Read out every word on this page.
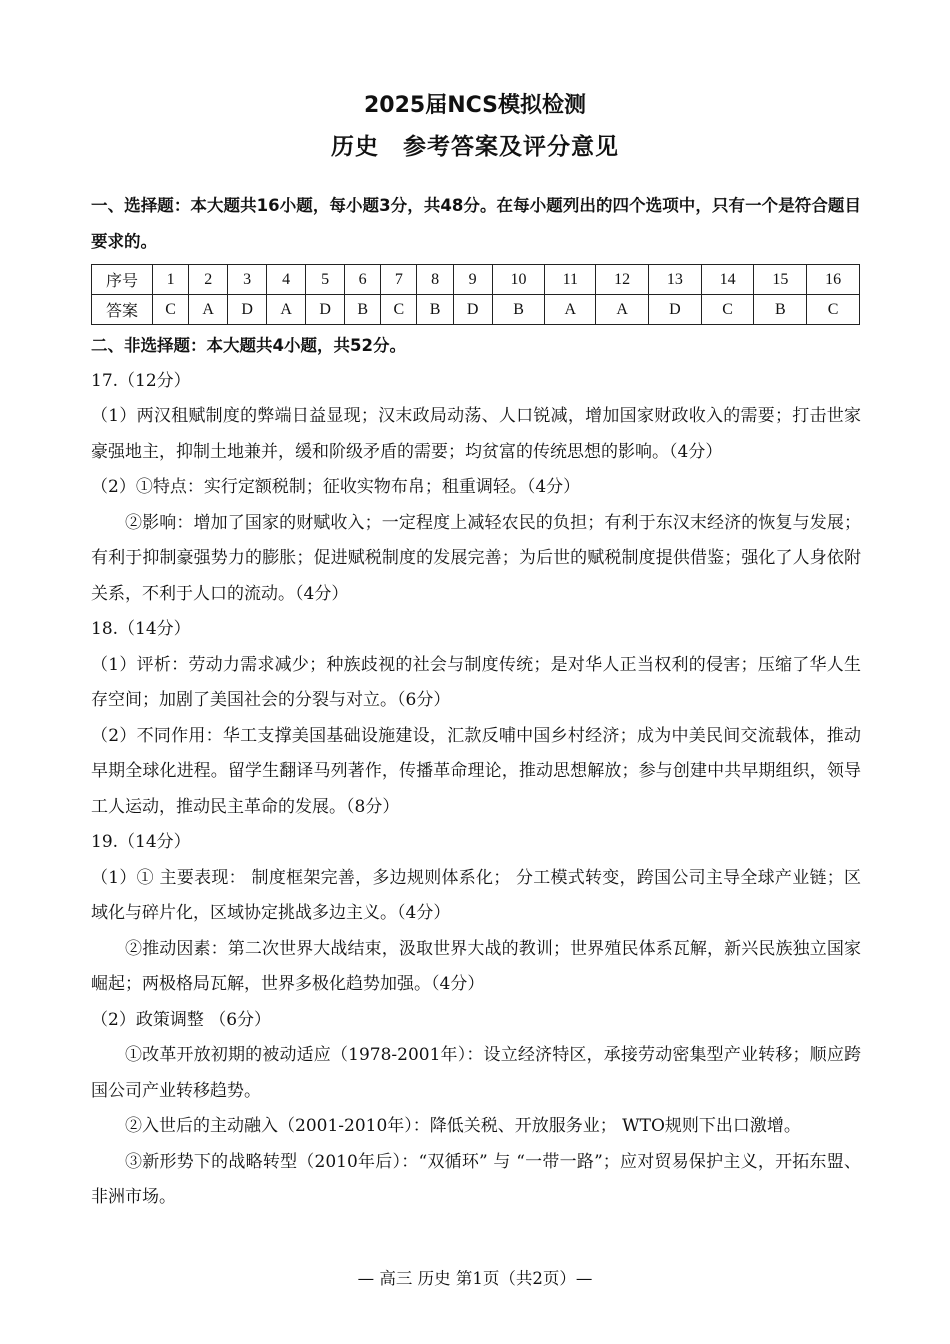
2025届NCS模拟检测
历史　参考答案及评分意见

一、选择题：本大题共16小题，每小题3分，共48分。在每小题列出的四个选项中，只有一个是符合题目要求的。

序号	1	2	3	4	5	6	7	8	9	10	11	12	13	14	15	16
答案	C	A	D	A	D	B	C	B	D	B	A	A	D	C	B	C

二、非选择题：本大题共4小题，共52分。

17.（12分）

（1）两汉租赋制度的弊端日益显现；汉末政局动荡、人口锐减，增加国家财政收入的需要；打击世家豪强地主，抑制土地兼并，缓和阶级矛盾的需要；均贫富的传统思想的影响。（4分）

（2）①特点：实行定额税制；征收实物布帛；租重调轻。（4分）

②影响：增加了国家的财赋收入；一定程度上减轻农民的负担；有利于东汉末经济的恢复与发展；有利于抑制豪强势力的膨胀；促进赋税制度的发展完善；为后世的赋税制度提供借鉴；强化了人身依附关系，不利于人口的流动。（4分）

18.（14分）

（1）评析：劳动力需求减少；种族歧视的社会与制度传统；是对华人正当权利的侵害；压缩了华人生存空间；加剧了美国社会的分裂与对立。（6分）

（2）不同作用：华工支撑美国基础设施建设，汇款反哺中国乡村经济；成为中美民间交流载体，推动早期全球化进程。留学生翻译马列著作，传播革命理论，推动思想解放；参与创建中共早期组织，领导工人运动，推动民主革命的发展。（8分）

19.（14分）

（1）① 主要表现： 制度框架完善，多边规则体系化； 分工模式转变，跨国公司主导全球产业链；区域化与碎片化，区域协定挑战多边主义。（4分）

②推动因素：第二次世界大战结束，汲取世界大战的教训；世界殖民体系瓦解，新兴民族独立国家崛起；两极格局瓦解，世界多极化趋势加强。（4分）

（2）政策调整 （6分）

①改革开放初期的被动适应（1978-2001年）：设立经济特区，承接劳动密集型产业转移；顺应跨国公司产业转移趋势。

②入世后的主动融入（2001-2010年）：降低关税、开放服务业； WTO规则下出口激增。

③新形势下的战略转型（2010年后）：“双循环” 与 “一带一路”；应对贸易保护主义，开拓东盟、非洲市场。

— 高三 历史 第1页（共2页）—
